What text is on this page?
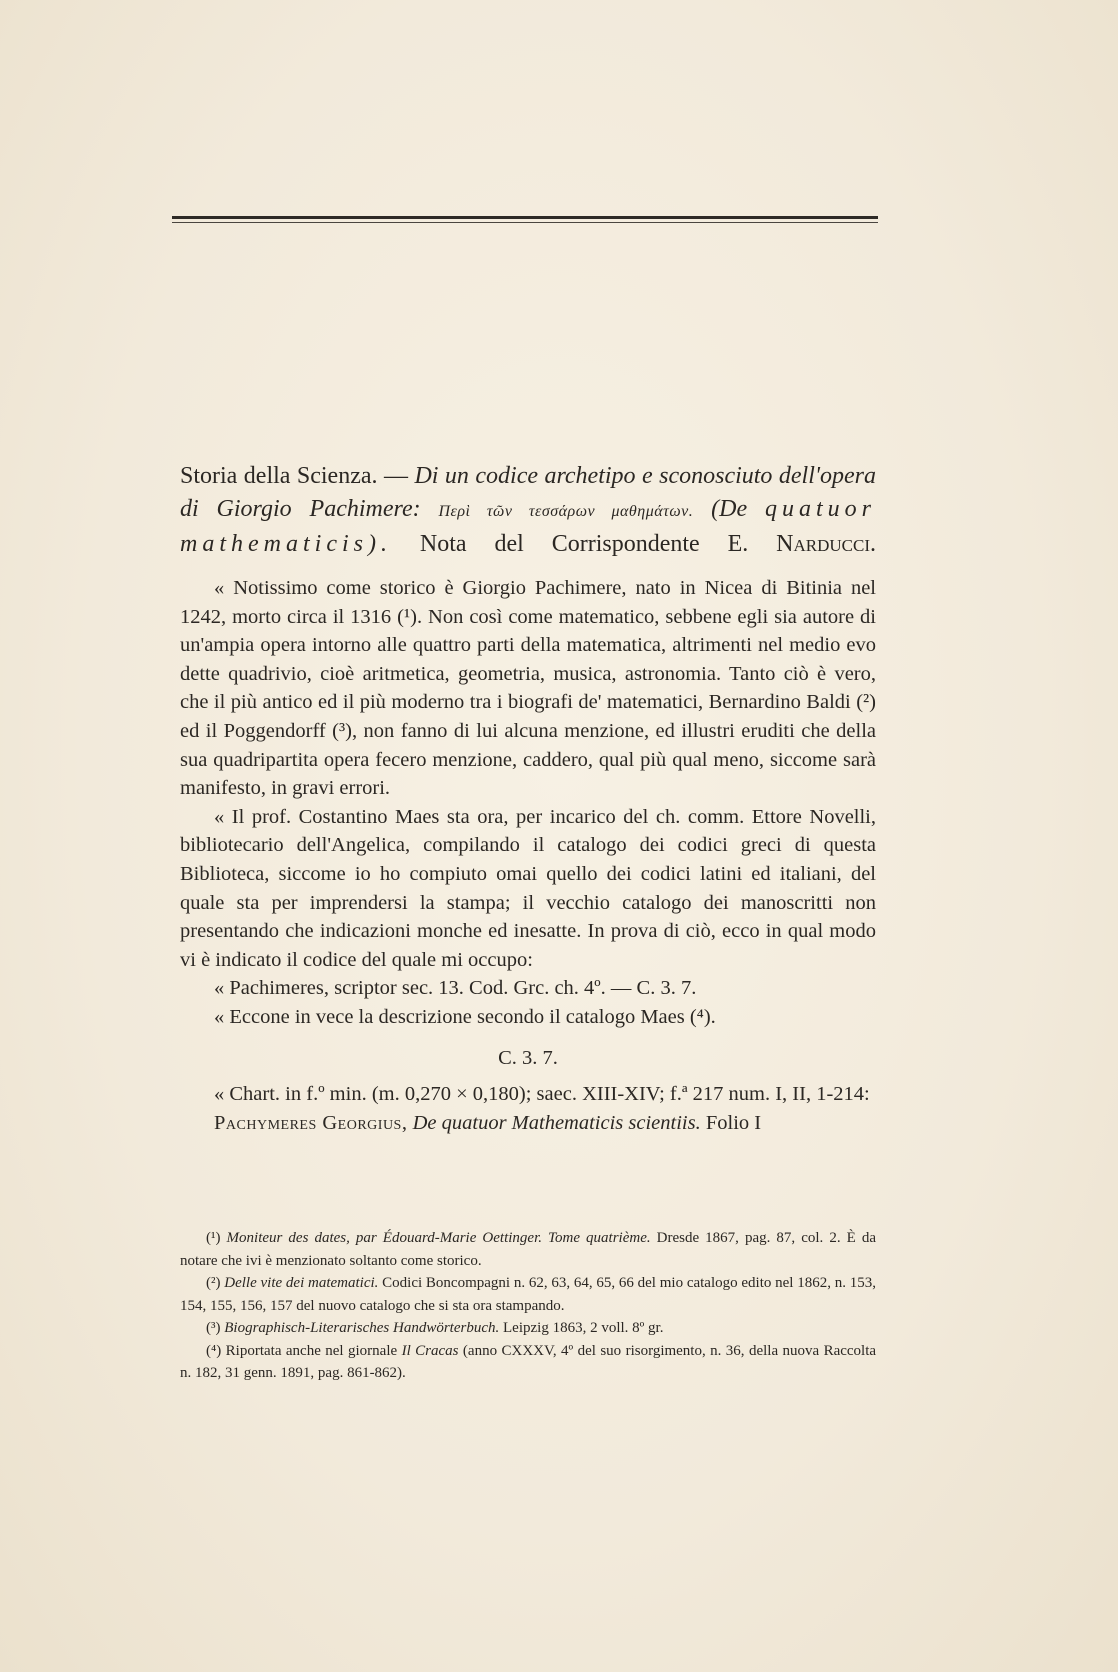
Storia della Scienza. — Di un codice archetipo e sconosciuto dell'opera di Giorgio Pachimere: Περὶ τῶν τεσσάρων μαθημάτων. (De quatuor mathematicis). Nota del Corrispondente E. Narducci.

« Notissimo come storico è Giorgio Pachimere, nato in Nicea di Bitinia nel 1242, morto circa il 1316 (¹). Non così come matematico, sebbene egli sia autore di un'ampia opera intorno alle quattro parti della matematica, altrimenti nel medio evo dette quadrivio, cioè aritmetica, geometria, musica, astronomia. Tanto ciò è vero, che il più antico ed il più moderno tra i biografi de' matematici, Bernardino Baldi (²) ed il Poggendorff (³), non fanno di lui alcuna menzione, ed illustri eruditi che della sua quadripartita opera fecero menzione, caddero, qual più qual meno, siccome sarà manifesto, in gravi errori.

« Il prof. Costantino Maes sta ora, per incarico del ch. comm. Ettore Novelli, bibliotecario dell'Angelica, compilando il catalogo dei codici greci di questa Biblioteca, siccome io ho compiuto omai quello dei codici latini ed italiani, del quale sta per imprendersi la stampa; il vecchio catalogo dei manoscritti non presentando che indicazioni monche ed inesatte. In prova di ciò, ecco in qual modo vi è indicato il codice del quale mi occupo:

« Pachimeres, scriptor sec. 13. Cod. Grc. ch. 4º. — C. 3. 7.

« Eccone in vece la descrizione secondo il catalogo Maes (⁴).

C. 3. 7.

« Chart. in f.º min. (m. 0,270 × 0,180); saec. XIII-XIV; f.ª 217 num. I, II, 1-214:

Pachymeres Georgius, De quatuor Mathematicis scientiis. Folio I

(¹) Moniteur des dates, par Édouard-Marie Oettinger. Tome quatrième. Dresde 1867, pag. 87, col. 2. È da notare che ivi è menzionato soltanto come storico.

(²) Delle vite dei matematici. Codici Boncompagni n. 62, 63, 64, 65, 66 del mio catalogo edito nel 1862, n. 153, 154, 155, 156, 157 del nuovo catalogo che si sta ora stampando.

(³) Biographisch-Literarisches Handwörterbuch. Leipzig 1863, 2 voll. 8º gr.

(⁴) Riportata anche nel giornale Il Cracas (anno CXXXV, 4º del suo risorgimento, n. 36, della nuova Raccolta n. 182, 31 genn. 1891, pag. 861-862).
